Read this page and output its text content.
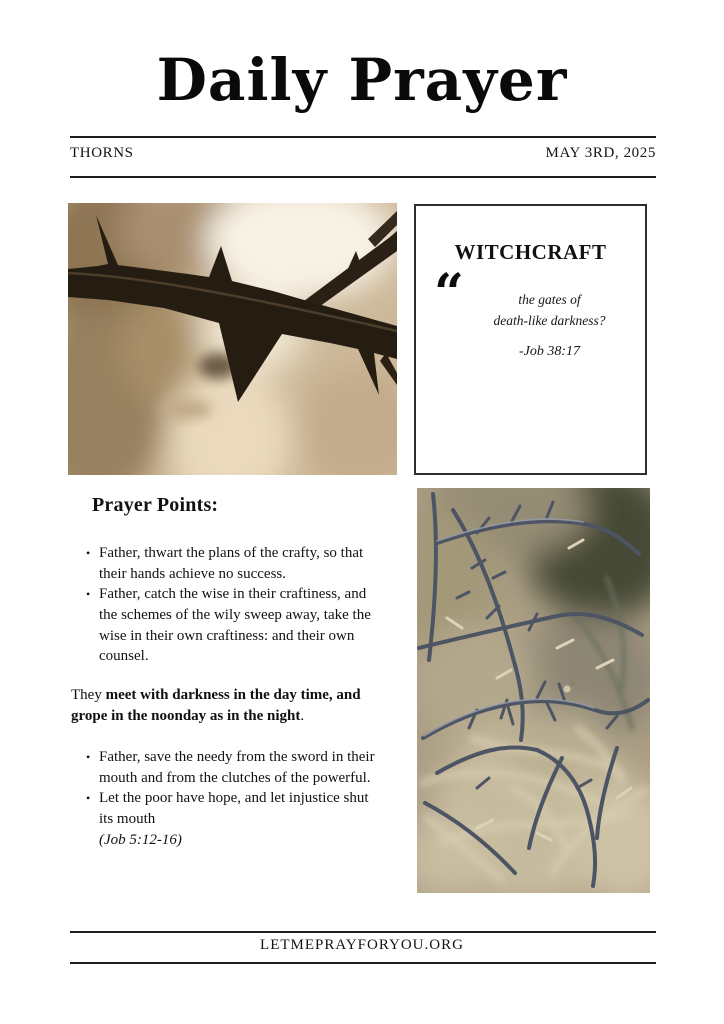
Daily Prayer
THORNS	MAY 3RD, 2025
WITCHCRAFT
“	the gates of
death-like darkness?
-Job 38:17
Prayer Points:
• Father, thwart the plans of the crafty, so that their hands achieve no success.
• Father, catch the wise in their craftiness, and the schemes of the wily sweep away, take the wise in their own craftiness: and their own counsel.

They meet with darkness in the day time, and grope in the noonday as in the night.

• Father, save the needy from the sword in their mouth and from the clutches of the powerful.
• Let the poor have hope, and let injustice shut its mouth
(Job 5:12-16)
LETMEPRAYFORYOU.ORG
